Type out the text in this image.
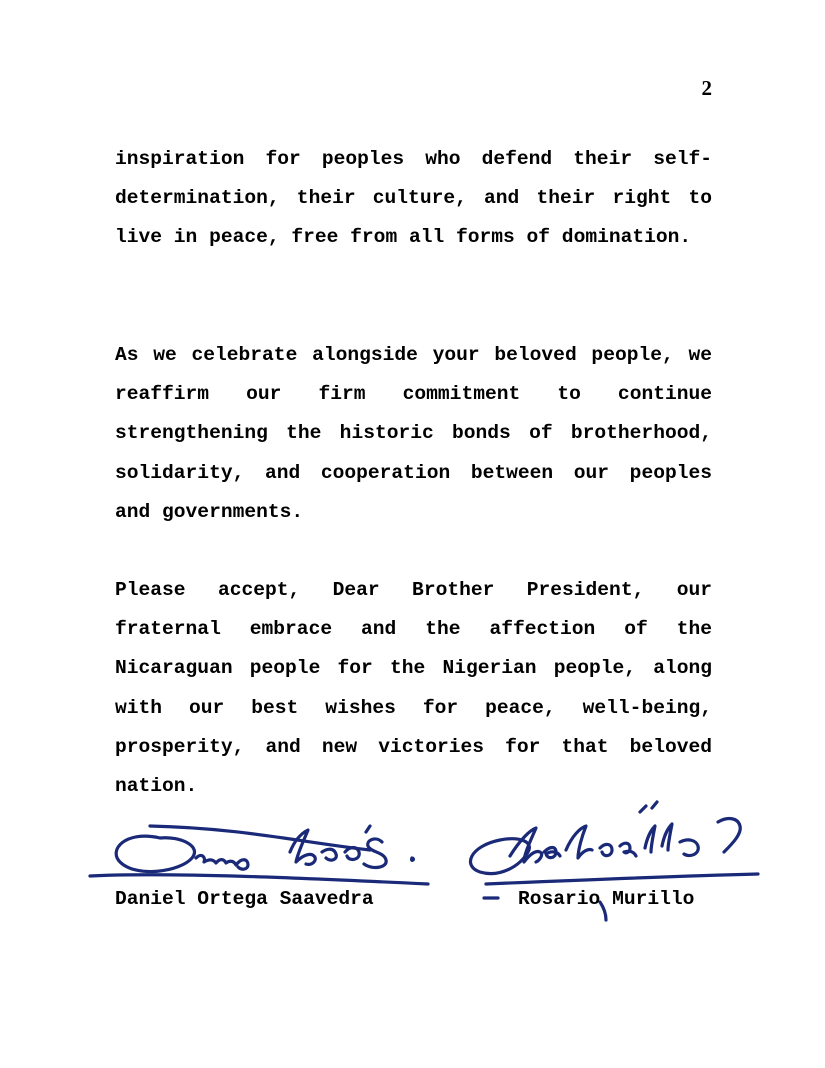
2

inspiration for peoples who defend their self-determination, their culture, and their right to live in peace, free from all forms of domination.

As we celebrate alongside your beloved people, we reaffirm our firm commitment to continue strengthening the historic bonds of brotherhood, solidarity, and cooperation between our peoples and governments.

Please accept, Dear Brother President, our fraternal embrace and the affection of the Nicaraguan people for the Nigerian people, along with our best wishes for peace, well-being, prosperity, and new victories for that beloved nation.

Daniel Ortega Saavedra	Rosario Murillo
